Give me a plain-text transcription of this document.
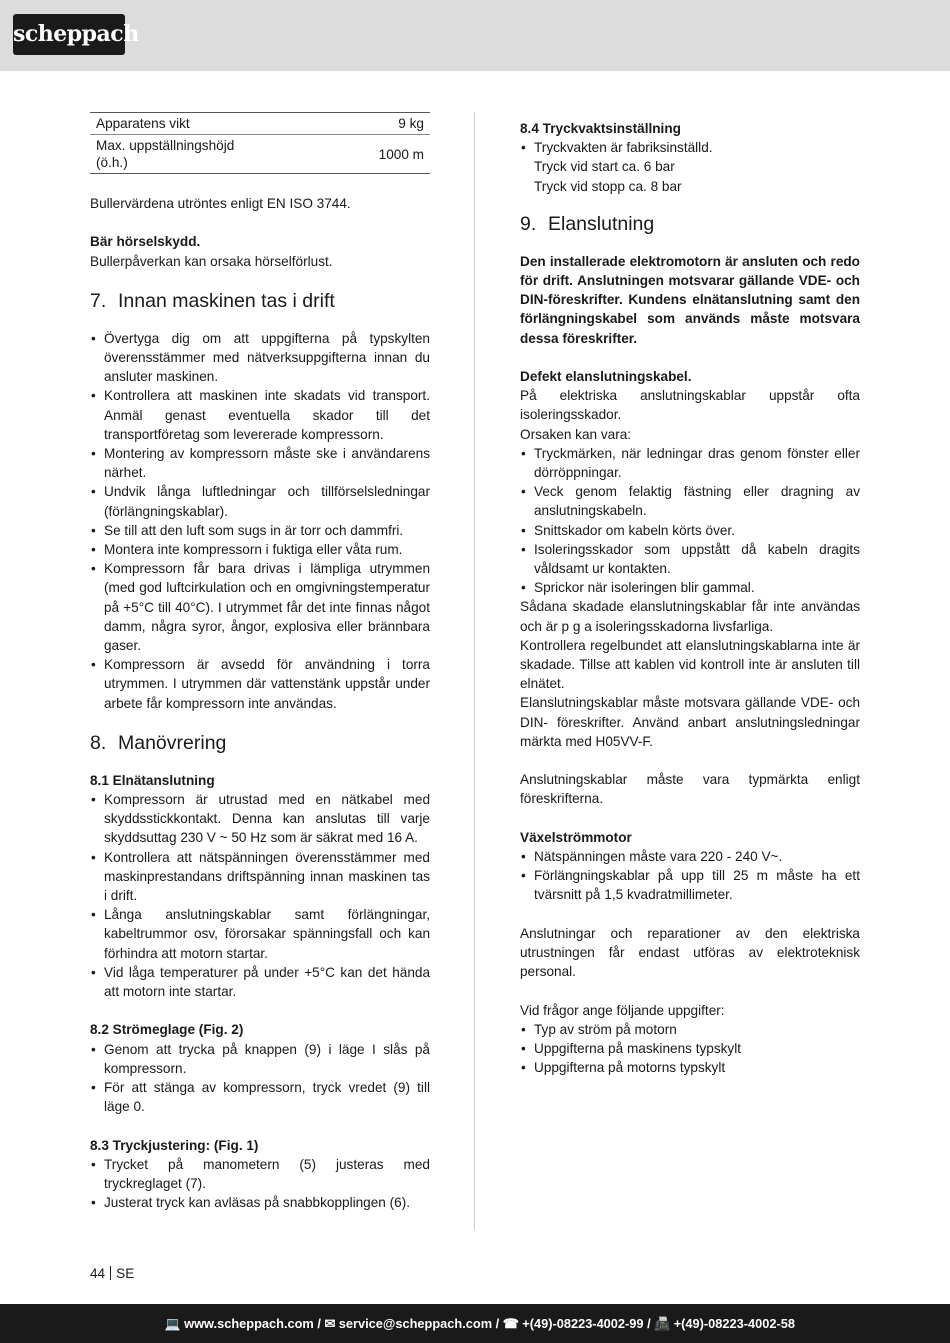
scheppach
Apparatens vikt	9 kg
Max. uppställningshöjd (ö.h.)	1000 m

Bullervärdena utröntes enligt EN ISO 3744.

Bär hörselskydd.

Bullerpåverkan kan orsaka hörselförlust.

7. Innan maskinen tas i drift
• Övertyga dig om att uppgifterna på typskylten överensstämmer med nätverksuppgifterna innan du ansluter maskinen.
• Kontrollera att maskinen inte skadats vid transport. Anmäl genast eventuella skador till det transportföretag som levererade kompressorn.
• Montering av kompressorn måste ske i användarens närhet.
• Undvik långa luftledningar och tillförselsledningar (förlängningskablar).
• Se till att den luft som sugs in är torr och dammfri.
• Montera inte kompressorn i fuktiga eller våta rum.
• Kompressorn får bara drivas i lämpliga utrymmen (med god luftcirkulation och en omgivningstemperatur på +5°C till 40°C). I utrymmet får det inte finnas något damm, några syror, ångor, explosiva eller brännbara gaser.
• Kompressorn är avsedd för användning i torra utrymmen. I utrymmen där vattenstänk uppstår under arbete får kompressorn inte användas.
8. Manövrering

8.1 Elnätanslutning

• Kompressorn är utrustad med en nätkabel med skyddsstickkontakt. Denna kan anslutas till varje skyddsuttag 230 V ~ 50 Hz som är säkrat med 16 A.
• Kontrollera att nätspänningen överensstämmer med maskinprestandans driftspänning innan maskinen tas i drift.
• Långa anslutningskablar samt förlängningar, kabeltrummor osv, förorsakar spänningsfall och kan förhindra att motorn startar.
• Vid låga temperaturer på under +5°C kan det hända att motorn inte startar.

8.2 Strömeglage (Fig. 2)

• Genom att trycka på knappen (9) i läge I slås på kompressorn.
• För att stänga av kompressorn, tryck vredet (9) till läge 0.

8.3 Tryckjustering: (Fig. 1)

• Trycket på manometern (5) justeras med tryckreglaget (7).
• Justerat tryck kan avläsas på snabbkopplingen (6).

8.4 Tryckvaktsinställning

• Tryckvakten är fabriksinställd.

Tryck vid start ca. 6 bar

Tryck vid stopp ca. 8 bar

9. Elanslutning

Den installerade elektromotorn är ansluten och redo för drift. Anslutningen motsvarar gällande VDE- och DIN-föreskrifter. Kundens elnätanslutning samt den förlängningskabel som används måste motsvara dessa föreskrifter.

Defekt elanslutningskabel.

På elektriska anslutningskablar uppstår ofta isoleringsskador.

Orsaken kan vara:

• Tryckmärken, när ledningar dras genom fönster eller dörröppningar.
• Veck genom felaktig fästning eller dragning av anslutningskabeln.
• Snittskador om kabeln körts över.
• Isoleringsskador som uppstått då kabeln dragits våldsamt ur kontakten.
• Sprickor när isoleringen blir gammal.

Sådana skadade elanslutningskablar får inte användas och är p g a isoleringsskadorna livsfarliga.

Kontrollera regelbundet att elanslutningskablarna inte är skadade. Tillse att kablen vid kontroll inte är ansluten till elnätet.

Elanslutningskablar måste motsvara gällande VDE- och DIN- föreskrifter. Använd anbart anslutningsledningar märkta med H05VV-F.

Anslutningskablar måste vara typmärkta enligt föreskrifterna.

Växelströmmotor

• Nätspänningen måste vara 220 - 240 V~.
• Förlängningskablar på upp till 25 m måste ha ett tvärsnitt på 1,5 kvadratmillimeter.

Anslutningar och reparationer av den elektriska utrustningen får endast utföras av elektroteknisk personal.

Vid frågor ange följande uppgifter:

• Typ av ström på motorn
• Uppgifterna på maskinens typskylt
• Uppgifterna på motorns typskylt
44 SE
💻 www.scheppach.com / ✉ service@scheppach.com / ☎ +(49)-08223-4002-99 / 📠 +(49)-08223-4002-58
